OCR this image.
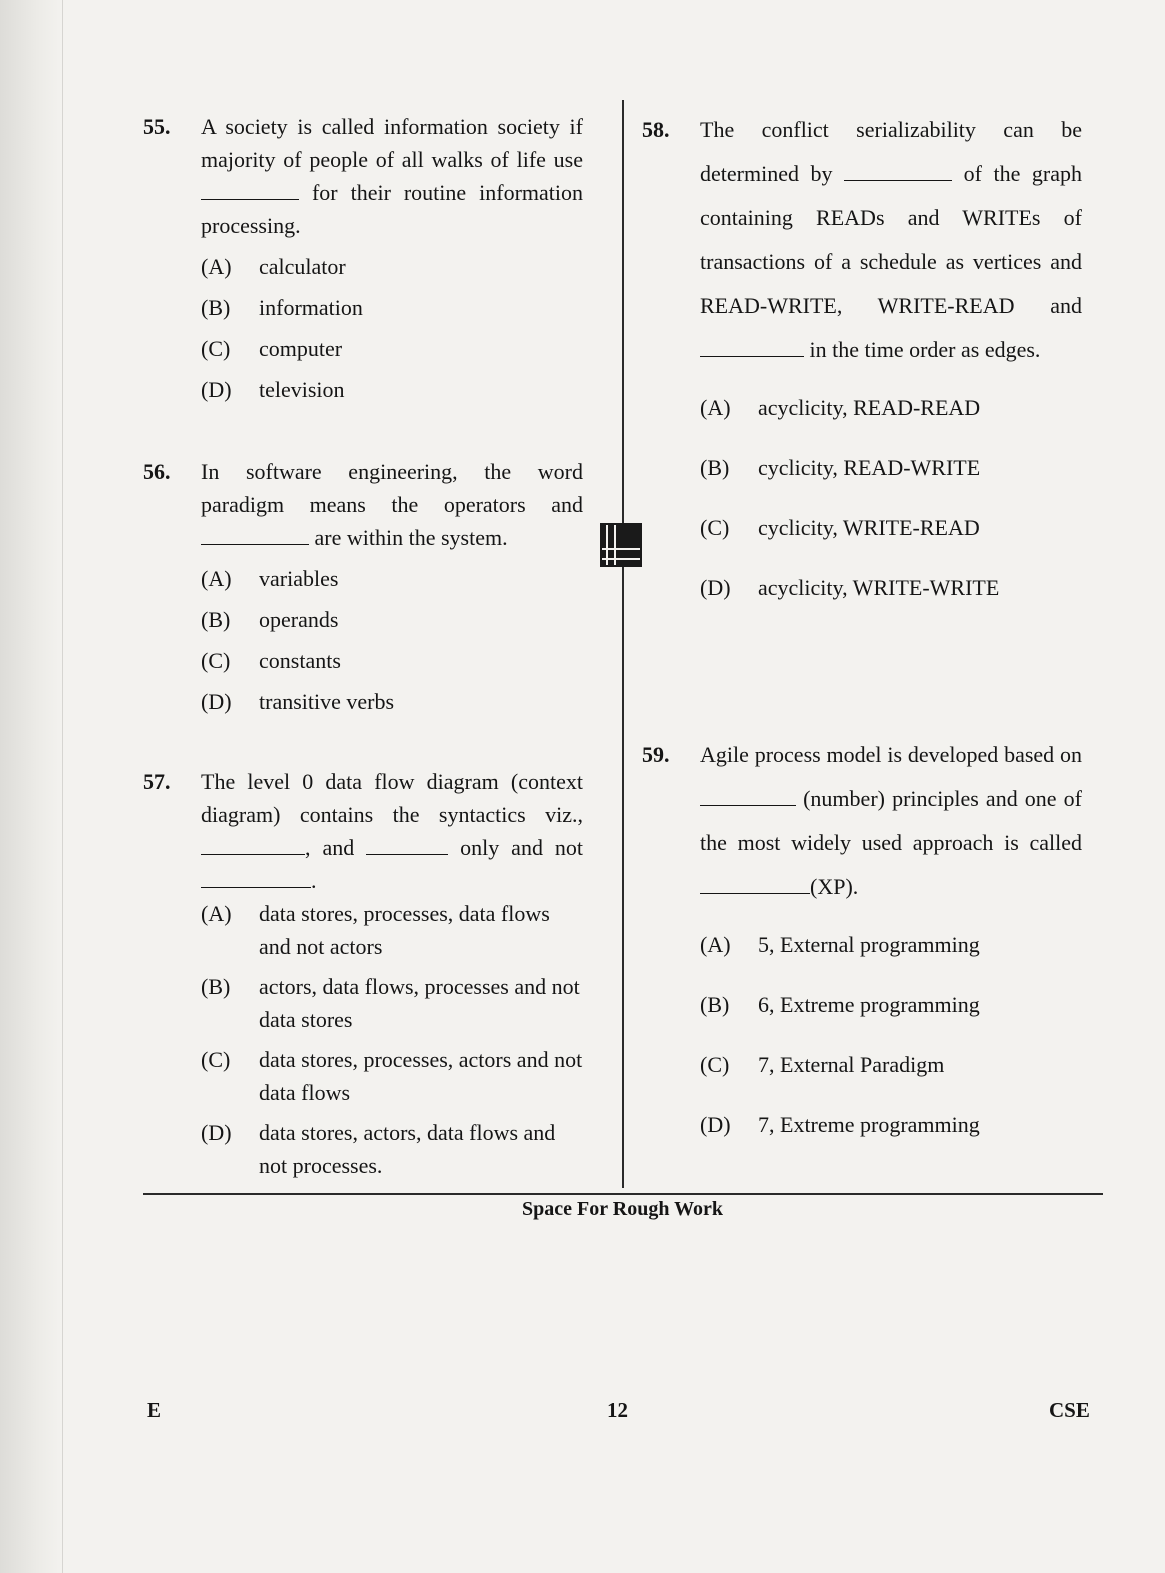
55. A society is called information society if majority of people of all walks of life use  for their routine information processing.
(A) calculator
(B) information
(C) computer
(D) television
56. In software engineering, the word paradigm means the operators and  are within the system.
(A) variables
(B) operands
(C) constants
(D) transitive verbs
57. The level 0 data flow diagram (context diagram) contains the syntactics viz., , and	only and not .
(A) data stores, processes, data flows and not actors
(B) actors, data flows, processes and not data stores
(C) data stores, processes, actors and not data flows
(D) data stores, actors, data flows and not processes.
58. The conflict serializability can be determined by	of the graph containing READs and WRITEs of transactions of a schedule as vertices and READ-WRITE, WRITE-READ and  in the time order as edges.
(A) acyclicity, READ-READ
(B) cyclicity, READ-WRITE
(C) cyclicity, WRITE-READ
(D) acyclicity, WRITE-WRITE
59. Agile process model is developed based on  (number) principles and one of the most widely used approach is called (XP).
(A) 5, External programming
(B) 6, Extreme programming
(C) 7, External Paradigm
(D) 7, Extreme programming
Space For Rough Work
E	12	CSE
